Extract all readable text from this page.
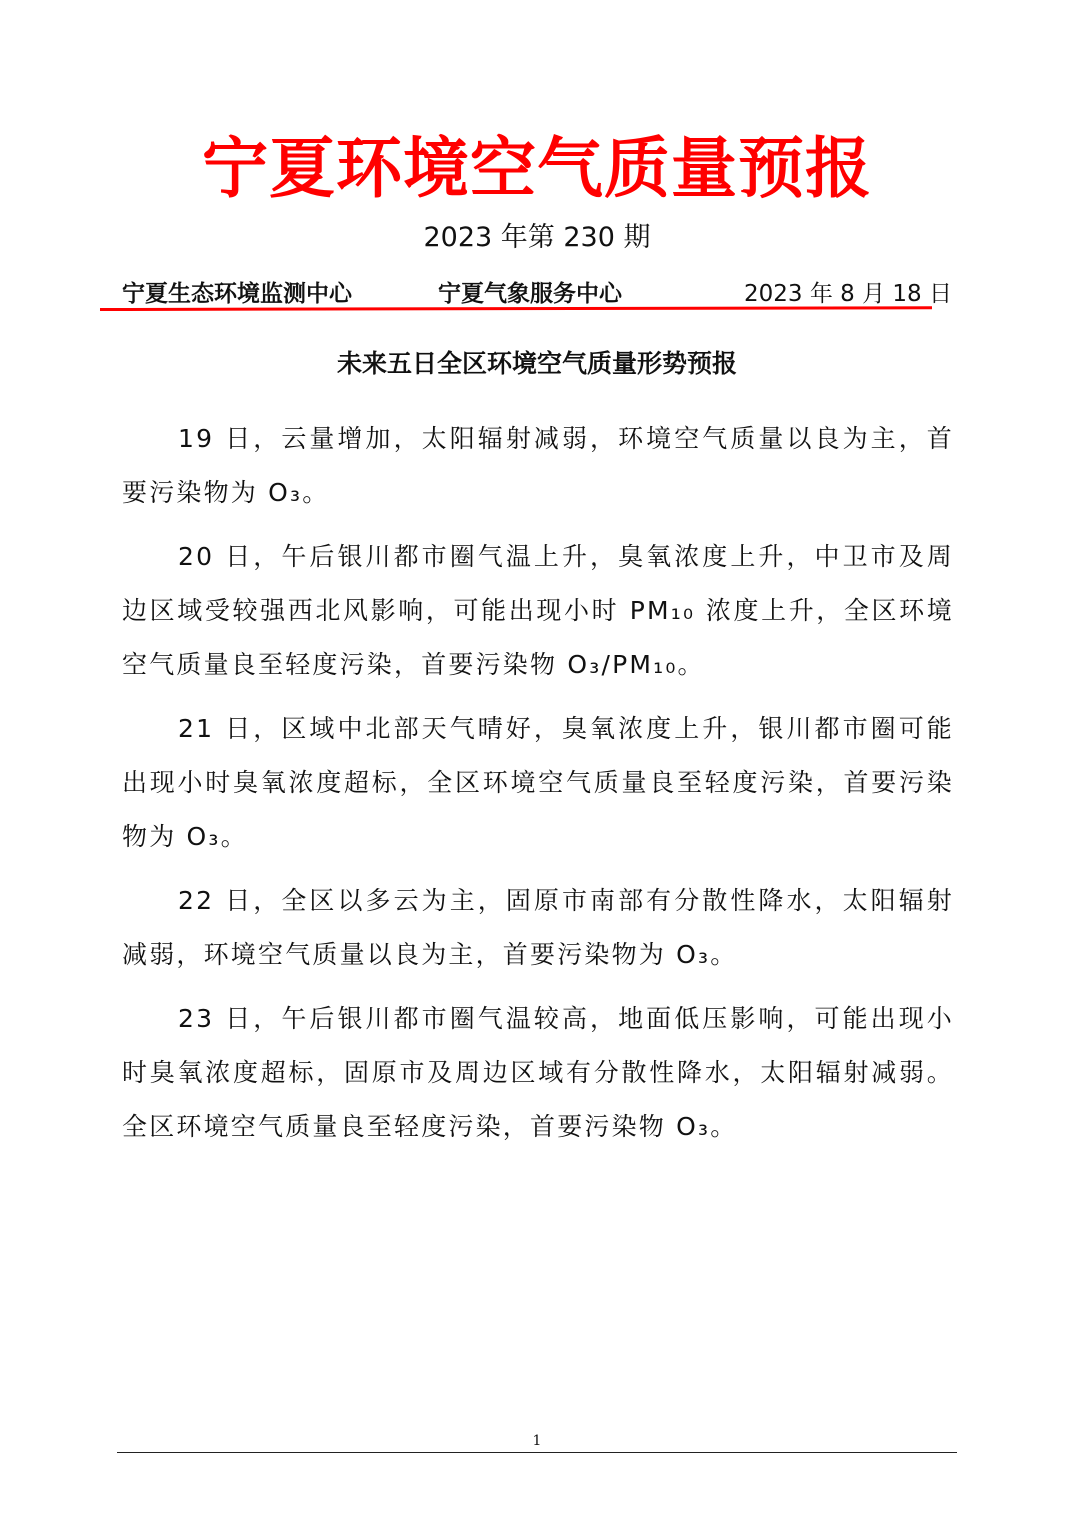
宁夏环境空气质量预报
2023 年第 230 期
宁夏生态环境监测中心	宁夏气象服务中心	2023 年 8 月 18 日
未来五日全区环境空气质量形势预报

19 日，云量增加，太阳辐射减弱，环境空气质量以良为主，首要污染物为 O₃。

20 日，午后银川都市圈气温上升，臭氧浓度上升，中卫市及周边区域受较强西北风影响，可能出现小时 PM₁₀ 浓度上升，全区环境空气质量良至轻度污染，首要污染物 O₃/PM₁₀。

21 日，区域中北部天气晴好，臭氧浓度上升，银川都市圈可能出现小时臭氧浓度超标，全区环境空气质量良至轻度污染，首要污染物为 O₃。

22 日，全区以多云为主，固原市南部有分散性降水，太阳辐射减弱，环境空气质量以良为主，首要污染物为 O₃。

23 日，午后银川都市圈气温较高，地面低压影响，可能出现小时臭氧浓度超标，固原市及周边区域有分散性降水，太阳辐射减弱。全区环境空气质量良至轻度污染，首要污染物 O₃。

1
